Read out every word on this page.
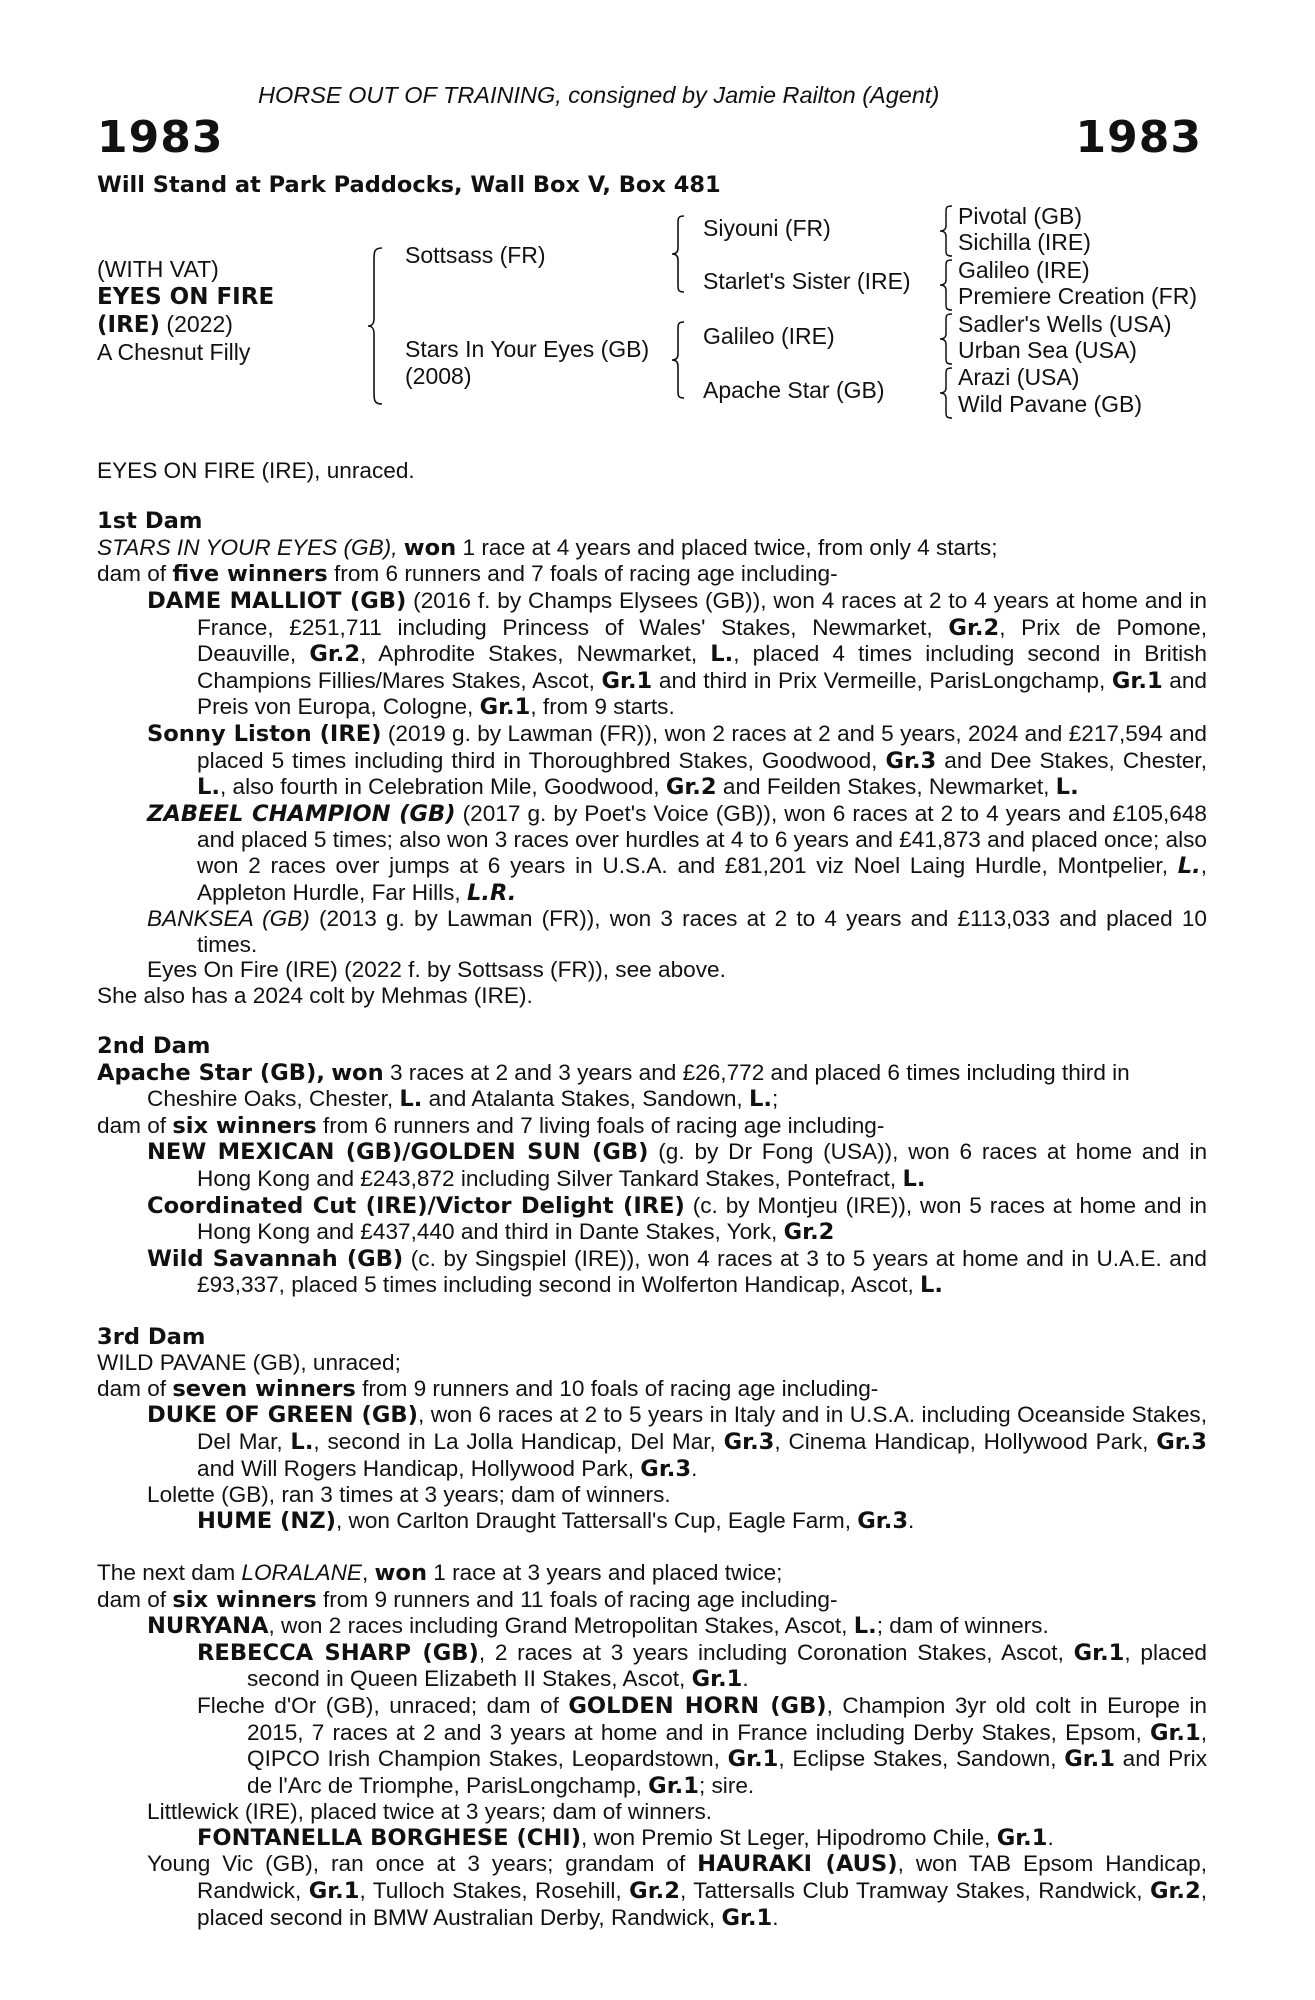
HORSE OUT OF TRAINING, consigned by Jamie Railton (Agent)
1983	1983
Will Stand at Park Paddocks, Wall Box V, Box 481
(WITH VAT)
EYES ON FIRE
(IRE) (2022)
A Chesnut Filly
Sottsass (FR)
Stars In Your Eyes (GB)
(2008)
Siyouni (FR)
Starlet's Sister (IRE)
Galileo (IRE)
Apache Star (GB)
Pivotal (GB)
Sichilla (IRE)
Galileo (IRE)
Premiere Creation (FR)
Sadler's Wells (USA)
Urban Sea (USA)
Arazi (USA)
Wild Pavane (GB)

EYES ON FIRE (IRE), unraced.

1st Dam

STARS IN YOUR EYES (GB), won 1 race at 4 years and placed twice, from only 4 starts;

dam of five winners from 6 runners and 7 foals of racing age including-

DAME MALLIOT (GB) (2016 f. by Champs Elysees (GB)), won 4 races at 2 to 4 years at home and in France, £251,711 including Princess of Wales' Stakes, Newmarket, Gr.2, Prix de Pomone, Deauville, Gr.2, Aphrodite Stakes, Newmarket, L., placed 4 times including second in British Champions Fillies/Mares Stakes, Ascot, Gr.1 and third in Prix Vermeille, ParisLongchamp, Gr.1 and Preis von Europa, Cologne, Gr.1, from 9 starts.

Sonny Liston (IRE) (2019 g. by Lawman (FR)), won 2 races at 2 and 5 years, 2024 and £217,594 and placed 5 times including third in Thoroughbred Stakes, Goodwood, Gr.3 and Dee Stakes, Chester, L., also fourth in Celebration Mile, Goodwood, Gr.2 and Feilden Stakes, Newmarket, L.

ZABEEL CHAMPION (GB) (2017 g. by Poet's Voice (GB)), won 6 races at 2 to 4 years and £105,648 and placed 5 times; also won 3 races over hurdles at 4 to 6 years and £41,873 and placed once; also won 2 races over jumps at 6 years in U.S.A. and £81,201 viz Noel Laing Hurdle, Montpelier, L., Appleton Hurdle, Far Hills, L.R.

BANKSEA (GB) (2013 g. by Lawman (FR)), won 3 races at 2 to 4 years and £113,033 and placed 10 times.

Eyes On Fire (IRE) (2022 f. by Sottsass (FR)), see above.

She also has a 2024 colt by Mehmas (IRE).

2nd Dam

Apache Star (GB), won 3 races at 2 and 3 years and £26,772 and placed 6 times including third in Cheshire Oaks, Chester, L. and Atalanta Stakes, Sandown, L.;

dam of six winners from 6 runners and 7 living foals of racing age including-

NEW MEXICAN (GB)/GOLDEN SUN (GB) (g. by Dr Fong (USA)), won 6 races at home and in Hong Kong and £243,872 including Silver Tankard Stakes, Pontefract, L.

Coordinated Cut (IRE)/Victor Delight (IRE) (c. by Montjeu (IRE)), won 5 races at home and in Hong Kong and £437,440 and third in Dante Stakes, York, Gr.2

Wild Savannah (GB) (c. by Singspiel (IRE)), won 4 races at 3 to 5 years at home and in U.A.E. and £93,337, placed 5 times including second in Wolferton Handicap, Ascot, L.

3rd Dam

WILD PAVANE (GB), unraced;

dam of seven winners from 9 runners and 10 foals of racing age including-

DUKE OF GREEN (GB), won 6 races at 2 to 5 years in Italy and in U.S.A. including Oceanside Stakes, Del Mar, L., second in La Jolla Handicap, Del Mar, Gr.3, Cinema Handicap, Hollywood Park, Gr.3 and Will Rogers Handicap, Hollywood Park, Gr.3.

Lolette (GB), ran 3 times at 3 years; dam of winners.

HUME (NZ), won Carlton Draught Tattersall's Cup, Eagle Farm, Gr.3.

The next dam LORALANE, won 1 race at 3 years and placed twice;

dam of six winners from 9 runners and 11 foals of racing age including-

NURYANA, won 2 races including Grand Metropolitan Stakes, Ascot, L.; dam of winners.

REBECCA SHARP (GB), 2 races at 3 years including Coronation Stakes, Ascot, Gr.1, placed second in Queen Elizabeth II Stakes, Ascot, Gr.1.

Fleche d'Or (GB), unraced; dam of GOLDEN HORN (GB), Champion 3yr old colt in Europe in 2015, 7 races at 2 and 3 years at home and in France including Derby Stakes, Epsom, Gr.1, QIPCO Irish Champion Stakes, Leopardstown, Gr.1, Eclipse Stakes, Sandown, Gr.1 and Prix de l'Arc de Triomphe, ParisLongchamp, Gr.1; sire.

Littlewick (IRE), placed twice at 3 years; dam of winners.

FONTANELLA BORGHESE (CHI), won Premio St Leger, Hipodromo Chile, Gr.1.

Young Vic (GB), ran once at 3 years; grandam of HAURAKI (AUS), won TAB Epsom Handicap, Randwick, Gr.1, Tulloch Stakes, Rosehill, Gr.2, Tattersalls Club Tramway Stakes, Randwick, Gr.2, placed second in BMW Australian Derby, Randwick, Gr.1.
